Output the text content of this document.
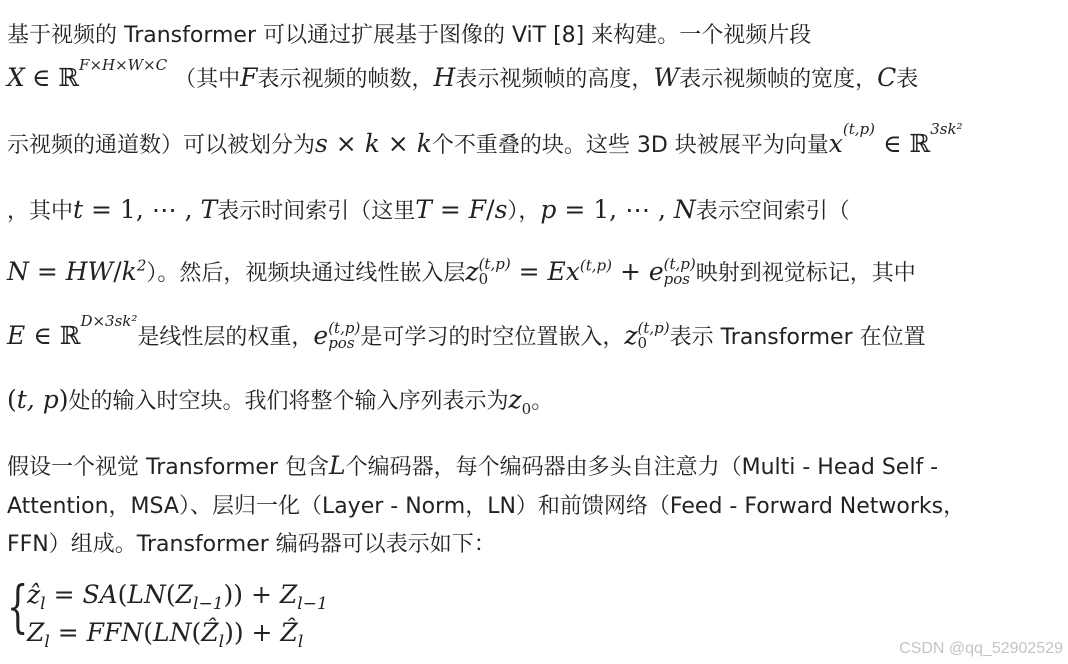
基于视频的 Transformer 可以通过扩展基于图像的 ViT [8] 来构建。一个视频片段
X ∈ ℝ$^{F\times H\times W\times C}$ （其中F表示视频的帧数，H表示视频帧的高度，W表示视频帧的宽度，C表
示视频的通道数）可以被划分为s × k × k个不重叠的块。这些 3D 块被展平为向量$x^{(t,p)}$ ∈ ℝ$^{3sk^2}$
，其中t = 1, ⋯ , T表示时间索引（这里T = F/s），p = 1, ⋯ , N表示空间索引（
$N = HW/k^2$）。然后，视频块通过线性嵌入层z (t,p)
0	= Ex$^{(t,p)}$ + e (t,p)
pos 映射到视觉标记，其中
E ∈ ℝ$^{D\times 3sk^2}$是线性层的权重，e (t,p)
pos 是可学习的时空位置嵌入，z (t,p)
0	表示 Transformer 在位置
(t, p)处的输入时空块。我们将整个输入序列表示为$z_0$。
假设一个视觉 Transformer 包含L个编码器，每个编码器由多头自注意力（Multi - Head Self -
Attention，MSA）、层归一化（Layer - Norm，LN）和前馈网络（Feed - Forward Networks，
FFN）组成。Transformer 编码器可以表示如下：
{
ẑ$_l$ = $SA(LN(Z_{l-1})) + Z_{l-1}$
$Z_l$ = FFN(LN(Ẑ$_l$)) + Ẑ$_l$	CSDN @qq_52902529
